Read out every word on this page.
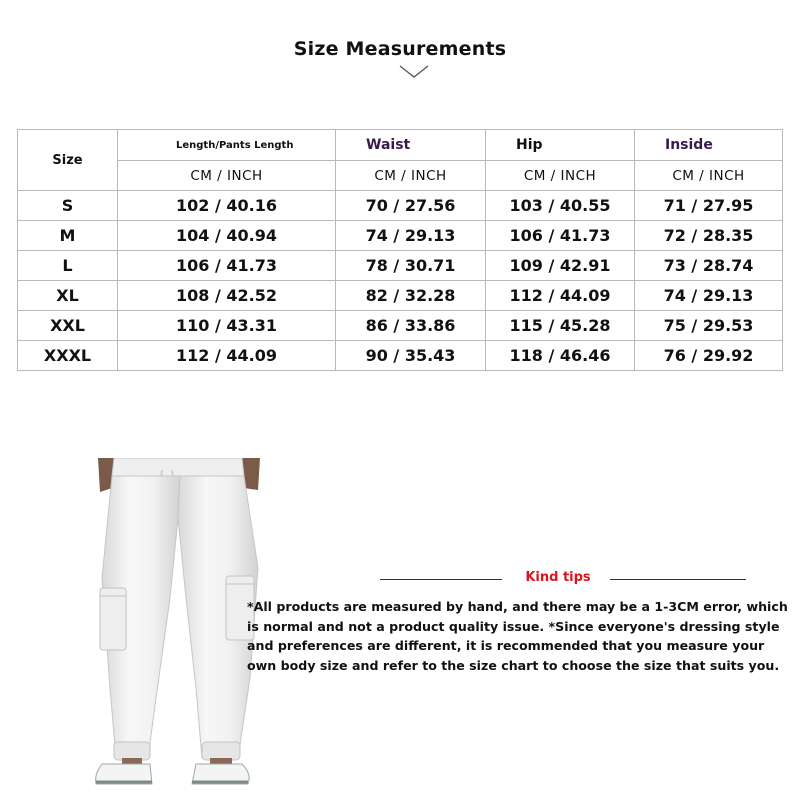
Size Measurements
Size	Length/Pants Length	Waist	Hip	Inside
	CM / INCH	CM / INCH	CM / INCH	CM / INCH
S	102 / 40.16	70 / 27.56	103 / 40.55	71 / 27.95
M	104 / 40.94	74 / 29.13	106 / 41.73	72 / 28.35
L	106 / 41.73	78 / 30.71	109 / 42.91	73 / 28.74
XL	108 / 42.52	82 / 32.28	112 / 44.09	74 / 29.13
XXL	110 / 43.31	86 / 33.86	115 / 45.28	75 / 29.53
XXXL	112 / 44.09	90 / 35.43	118 / 46.46	76 / 29.92
Kind tips
*All products are measured by hand, and there may be a 1-3CM error, which is normal and not a product quality issue. *Since everyone's dressing style and preferences are different, it is recommended that you measure your own body size and refer to the size chart to choose the size that suits you.
